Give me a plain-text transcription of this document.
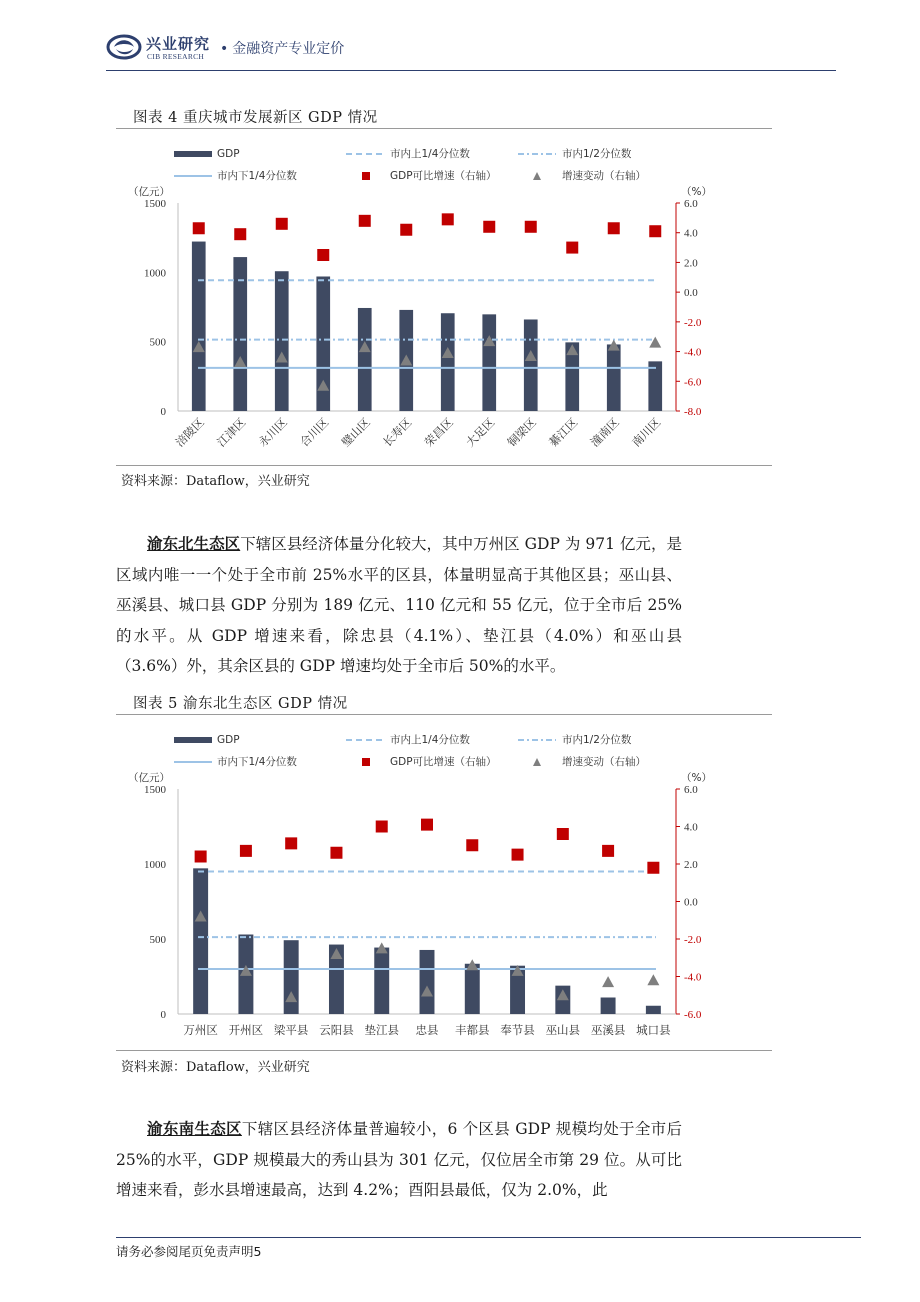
兴业研究
CIB RESEARCH • 金融资产专业定价
图表 4 重庆城市发展新区 GDP 情况
GDP	市内上1/4分位数	市内1/2分位数
市内下1/4分位数	GDP可比增速（右轴）	增速变动（右轴）
（亿元）	（%）
1500
1000
500
0
6.0
4.0
2.0
0.0
-2.0
-4.0
-6.0
-8.0
涪陵区 江津区 永川区 合川区 璧山区 长寿区 荣昌区 大足区 铜梁区 綦江区 潼南区 南川区
资料来源：Dataflow，兴业研究

渝东北生态区下辖区县经济体量分化较大，其中万州区 GDP 为 971 亿元，是区域内唯一一个处于全市前 25%水平的区县，体量明显高于其他区县；巫山县、巫溪县、城口县 GDP 分别为 189 亿元、110 亿元和 55 亿元，位于全市后 25%的水平。从 GDP 增速来看，除忠县（4.1%）、垫江县（4.0%）和巫山县（3.6%）外，其余区县的 GDP 增速均处于全市后 50%的水平。

图表 5 渝东北生态区 GDP 情况
GDP	市内上1/4分位数	市内1/2分位数
市内下1/4分位数	GDP可比增速（右轴）	增速变动（右轴）
（亿元）	（%）
1500
1000
500
0
6.0
4.0
2.0
0.0
-2.0
-4.0
-6.0
万州区 开州区 梁平县 云阳县 垫江县 忠县 丰都县 奉节县 巫山县 巫溪县 城口县
资料来源：Dataflow，兴业研究

渝东南生态区下辖区县经济体量普遍较小，6 个区县 GDP 规模均处于全市后 25%的水平，GDP 规模最大的秀山县为 301 亿元，仅位居全市第 29 位。从可比增速来看，彭水县增速最高，达到 4.2%；酉阳县最低，仅为 2.0%，此

请务必参阅尾页免责声明5
